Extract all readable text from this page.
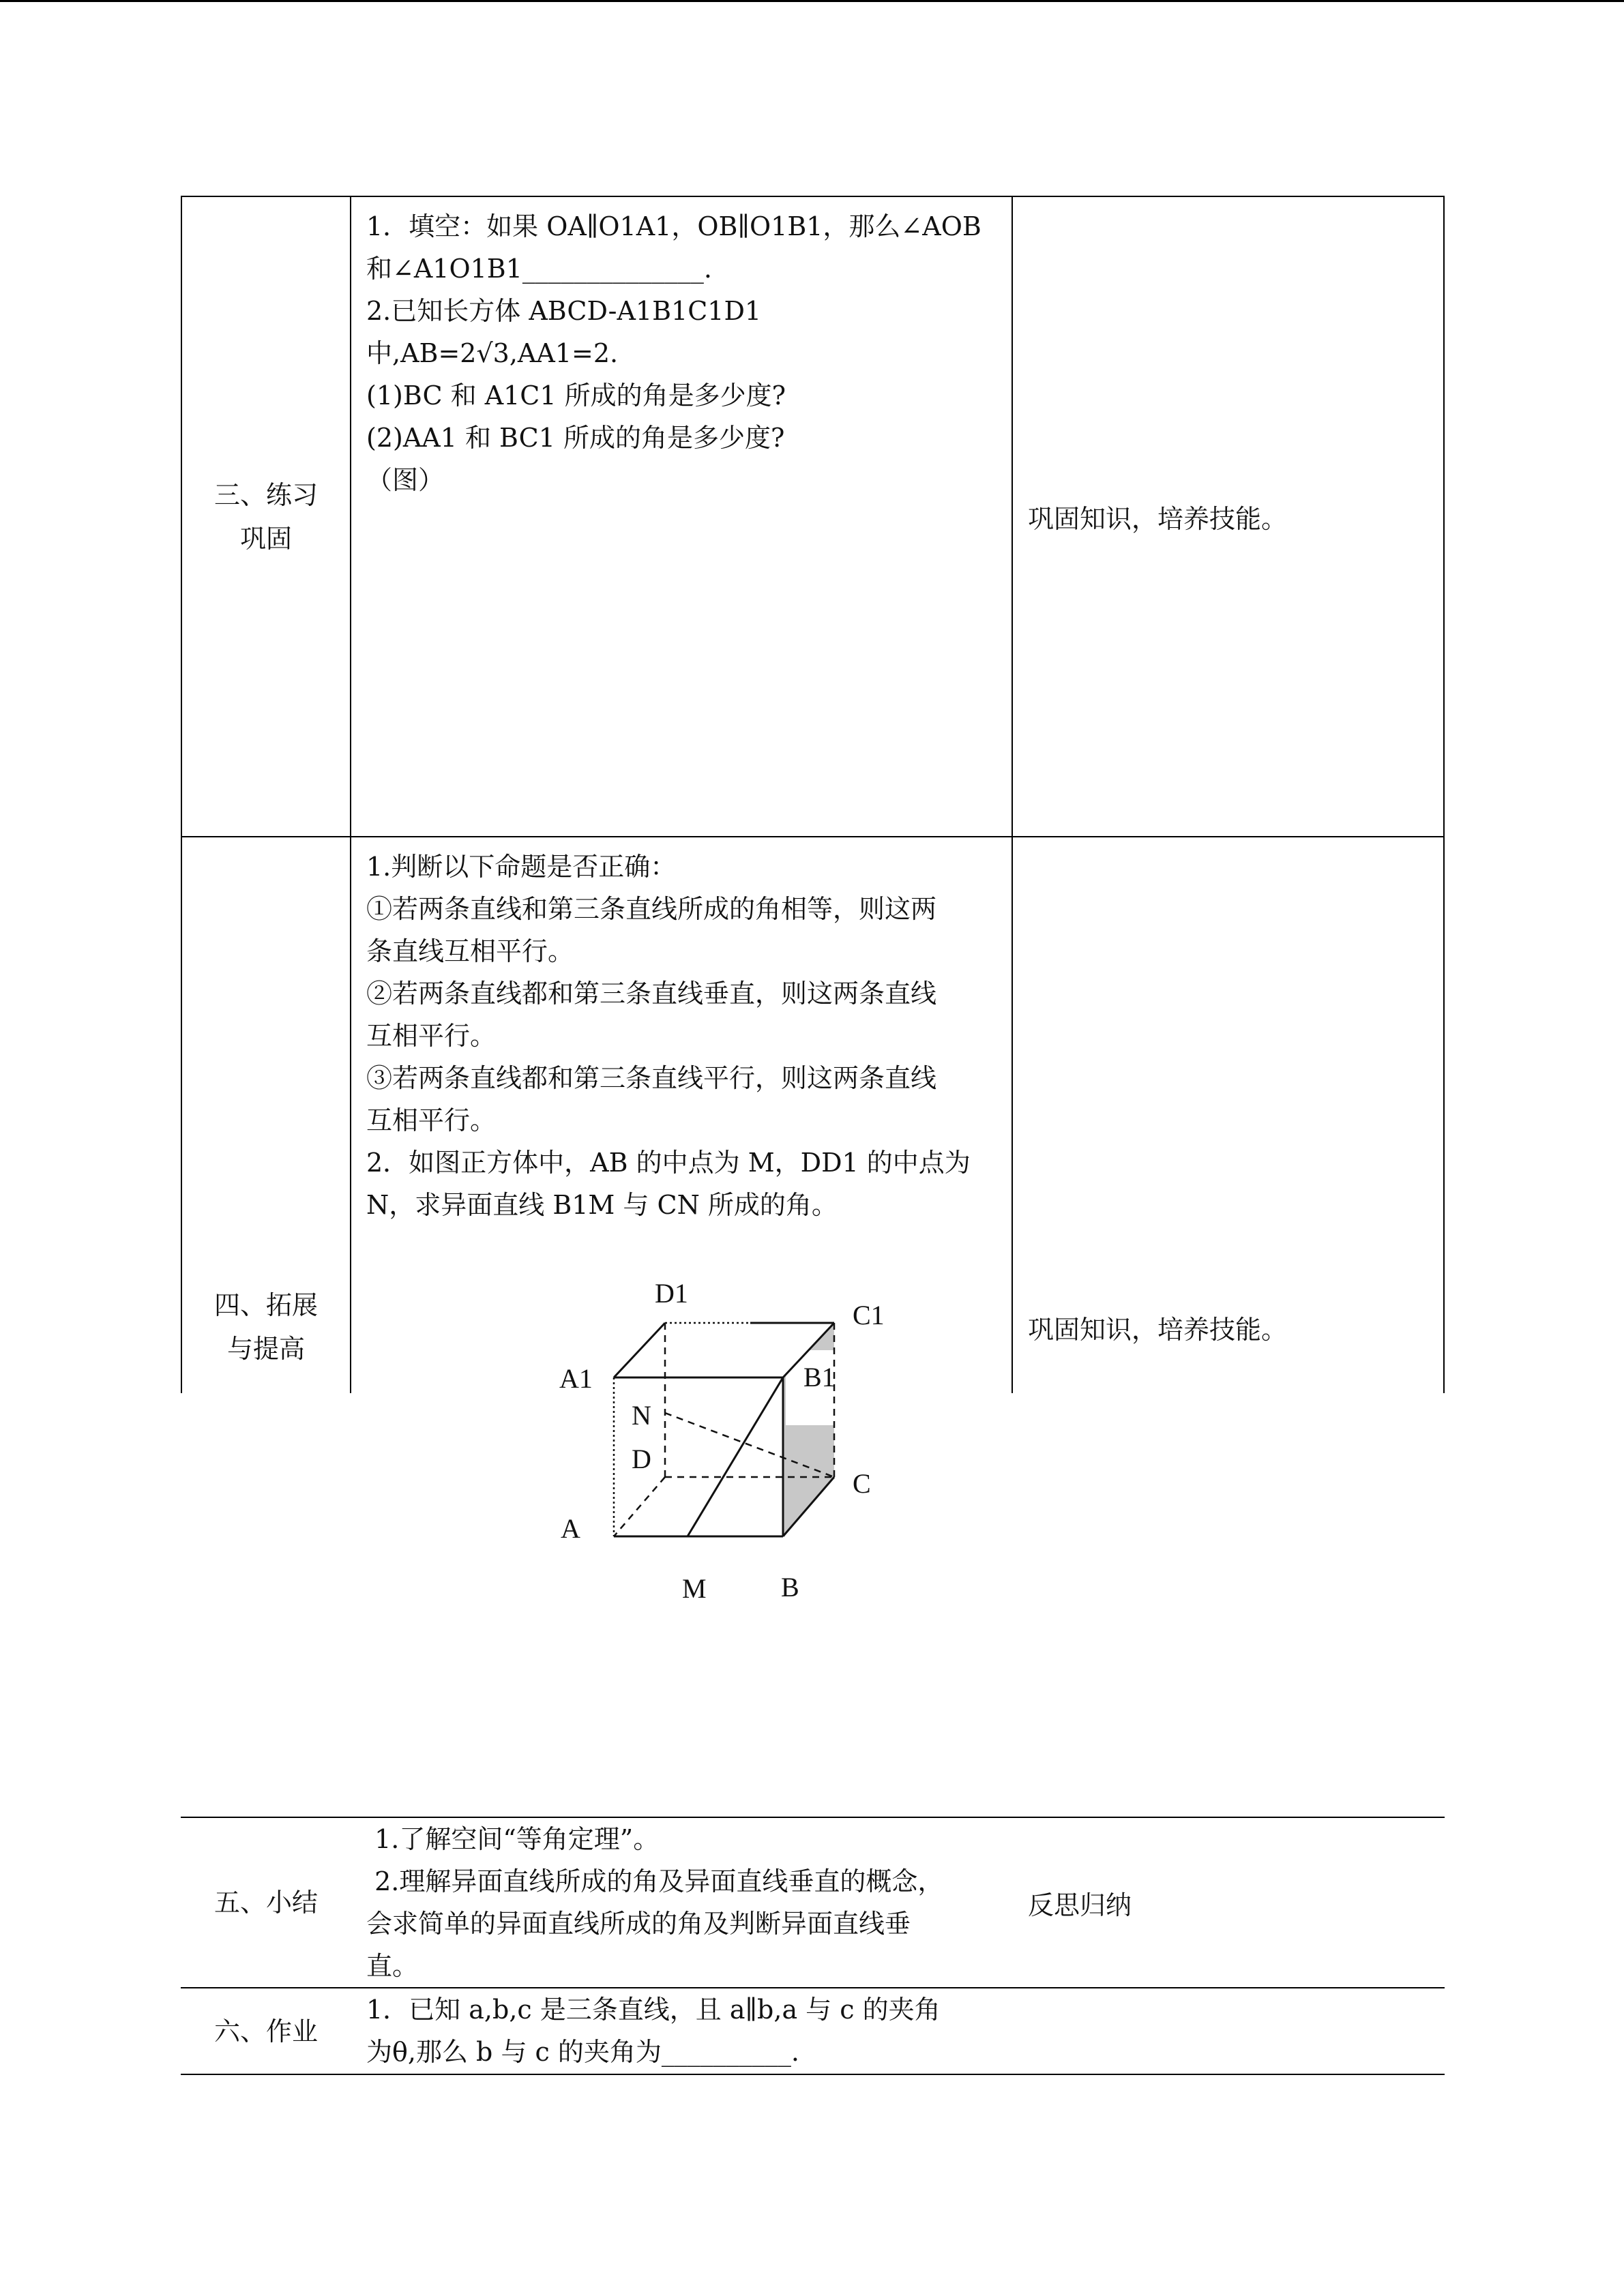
三、练习
巩固

1．填空：如果 OA∥O1A1，OB∥O1B1，那么∠AOB

和∠A1O1B1______________.

2.已知长方体 ABCD-A1B1C1D1 中,AB=2√3,AA1=2.

(1)BC 和 A1C1 所成的角是多少度?

(2)AA1 和 BC1 所成的角是多少度?

（图）

巩固知识，培养技能。
四、拓展
与提高

1.判断以下命题是否正确：

①若两条直线和第三条直线所成的角相等，则这两

条直线互相平行。

②若两条直线都和第三条直线垂直，则这两条直线

互相平行。

③若两条直线都和第三条直线平行，则这两条直线

互相平行。

2．如图正方体中，AB 的中点为 M，DD1 的中点为

N，求异面直线 B1M 与 CN 所成的角。

巩固知识，培养技能。
D1
C1
A1	B1
N
D
C
A
M	B
五、小结

1.了解空间“等角定理”。

2.理解异面直线所成的角及异面直线垂直的概念，

会求简单的异面直线所成的角及判断异面直线垂

直。

反思归纳
六、作业

1．已知 a,b,c 是三条直线，且 a∥b,a 与 c 的夹角

为θ,那么 b 与 c 的夹角为__________.
